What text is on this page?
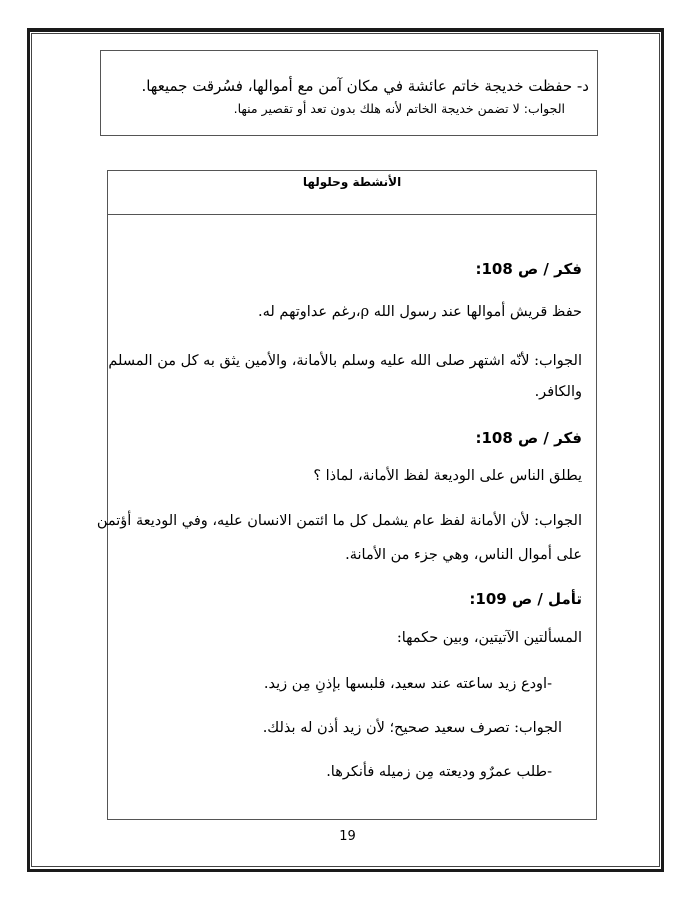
د- حفظت خديجة خاتم عائشة في مكان آمن مع أموالها، فسُرقت جميعها.
الجواب: لا تضمن خديجة الخاتم لأنه هلك بدون تعد أو تقصير منها.
الأنشطة وحلولها
فكر / ص 108:
حفظ قريش أموالها عند رسول الله ρ،رغم عداوتهم له.
الجواب: لأنّه اشتهر صلى الله عليه وسلم بالأمانة، والأمين يثق به كل من المسلم
والكافر.
فكر / ص 108:
يطلق الناس على الوديعة لفظ الأمانة، لماذا ؟
الجواب: لأن الأمانة لفظ عام يشمل كل ما ائتمن الانسان عليه، وفي الوديعة أؤتمن
على أموال الناس، وهي جزء من الأمانة.
تأمل / ص 109:
المسألتين الآتيتين، وبين حكمها:
-اودع زيد ساعته عند سعيد، فلبسها بإذنِ مِن زيد.
الجواب: تصرف سعيد صحيح؛ لأن زيد أذن له بذلك.
-طلب عمرٌو وديعته مِن زميله فأنكرها.
19
